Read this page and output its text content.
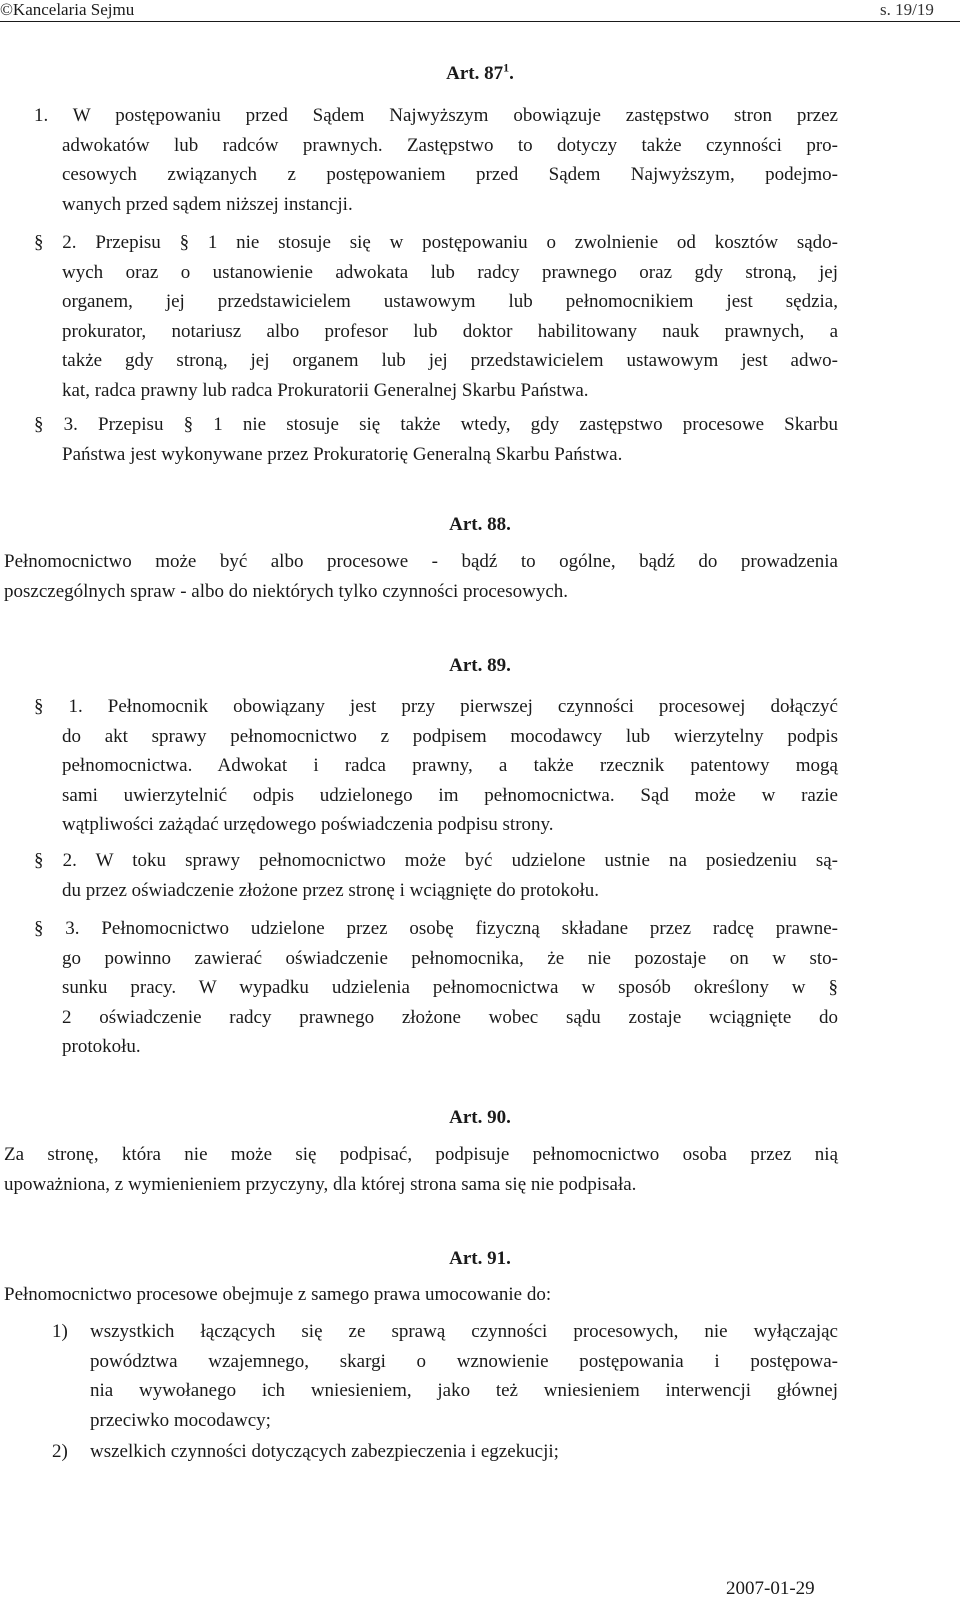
©Kancelaria Sejmu	s. 19/19
Art. $87^1$.
1. W postępowaniu przed Sądem Najwyższym obowiązuje zastępstwo stron przez
adwokatów lub radców prawnych. Zastępstwo to dotyczy także czynności pro-
cesowych związanych z postępowaniem przed Sądem Najwyższym, podejmo-
wanych przed sądem niższej instancji.
§ 2. Przepisu § 1 nie stosuje się w postępowaniu o zwolnienie od kosztów sądo-
wych oraz o ustanowienie adwokata lub radcy prawnego oraz gdy stroną, jej
organem, jej przedstawicielem ustawowym lub pełnomocnikiem jest sędzia,
prokurator, notariusz albo profesor lub doktor habilitowany nauk prawnych, a
także gdy stroną, jej organem lub jej przedstawicielem ustawowym jest adwo-
kat, radca prawny lub radca Prokuratorii Generalnej Skarbu Państwa.
§ 3. Przepisu § 1 nie stosuje się także wtedy, gdy zastępstwo procesowe Skarbu
Państwa jest wykonywane przez Prokuratorię Generalną Skarbu Państwa.
Art. 88.
Pełnomocnictwo może być albo procesowe - bądź to ogólne, bądź do prowadzenia
poszczególnych spraw - albo do niektórych tylko czynności procesowych.
Art. 89.
§ 1. Pełnomocnik obowiązany jest przy pierwszej czynności procesowej dołączyć
do akt sprawy pełnomocnictwo z podpisem mocodawcy lub wierzytelny podpis
pełnomocnictwa. Adwokat i radca prawny, a także rzecznik patentowy mogą
sami uwierzytelnić odpis udzielonego im pełnomocnictwa. Sąd może w razie
wątpliwości zażądać urzędowego poświadczenia podpisu strony.
§ 2. W toku sprawy pełnomocnictwo może być udzielone ustnie na posiedzeniu są-
du przez oświadczenie złożone przez stronę i wciągnięte do protokołu.
§ 3. Pełnomocnictwo udzielone przez osobę fizyczną składane przez radcę prawne-
go powinno zawierać oświadczenie pełnomocnika, że nie pozostaje on w sto-
sunku pracy. W wypadku udzielenia pełnomocnictwa w sposób określony w §
2 oświadczenie radcy prawnego złożone wobec sądu zostaje wciągnięte do
protokołu.
Art. 90.
Za stronę, która nie może się podpisać, podpisuje pełnomocnictwo osoba przez nią
upoważniona, z wymienieniem przyczyny, dla której strona sama się nie podpisała.
Art. 91.
Pełnomocnictwo procesowe obejmuje z samego prawa umocowanie do:
1)	wszystkich łączących się ze sprawą czynności procesowych, nie wyłączając
powództwa wzajemnego, skargi o wznowienie postępowania i postępowa-
nia wywołanego ich wniesieniem, jako też wniesieniem interwencji głównej
przeciwko mocodawcy;
2)	wszelkich czynności dotyczących zabezpieczenia i egzekucji;
2007-01-29
